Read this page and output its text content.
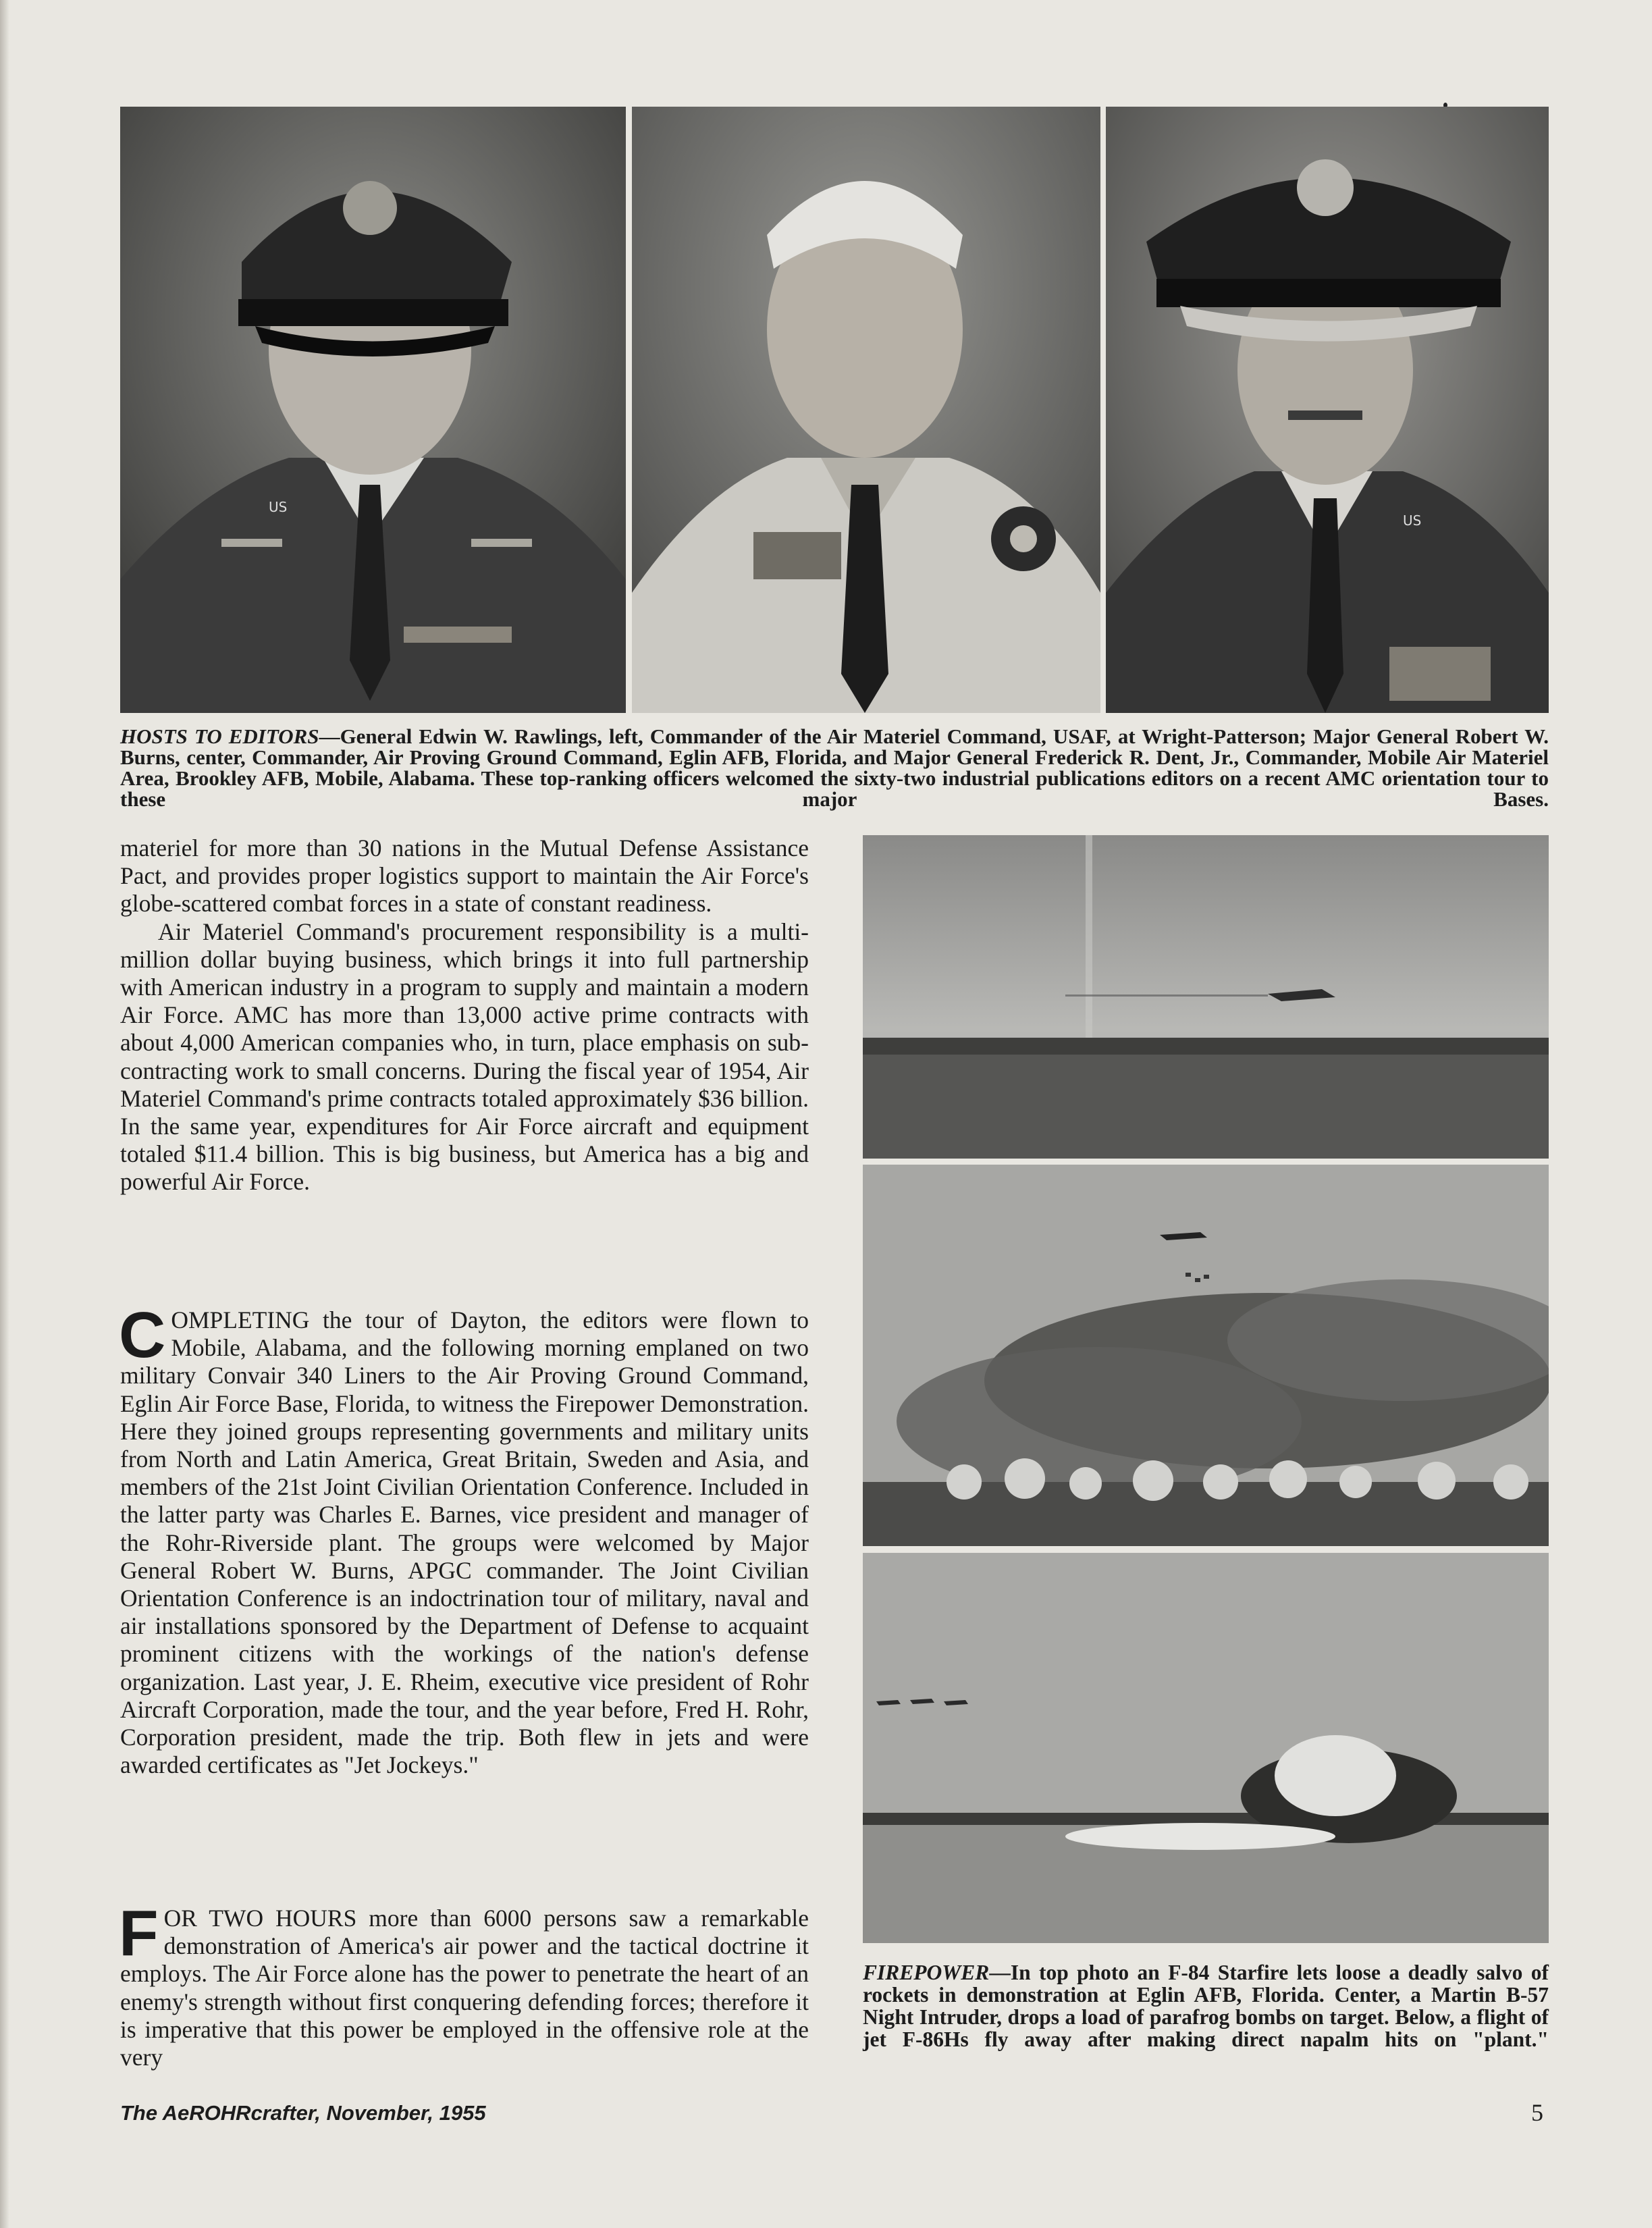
US
US

HOSTS TO EDITORS—General Edwin W. Rawlings, left, Commander of the Air Materiel Command, USAF, at Wright-Patterson; Major General Robert W. Burns, center, Commander, Air Proving Ground Command, Eglin AFB, Florida, and Major General Frederick R. Dent, Jr., Commander, Mobile Air Materiel Area, Brookley AFB, Mobile, Alabama. These top-ranking officers welcomed the sixty-two industrial publications editors on a recent AMC orientation tour to these major Bases.

materiel for more than 30 nations in the Mutual Defense Assistance Pact, and provides proper logistics support to maintain the Air Force's globe-scattered combat forces in a state of constant readiness.

Air Materiel Command's procurement responsibility is a multi-million dollar buying business, which brings it into full partnership with American industry in a program to supply and maintain a modern Air Force. AMC has more than 13,000 active prime contracts with about 4,000 American companies who, in turn, place emphasis on sub-contracting work to small concerns. During the fiscal year of 1954, Air Materiel Command's prime contracts totaled approximately $36 billion. In the same year, expenditures for Air Force aircraft and equipment totaled $11.4 billion. This is big business, but America has a big and powerful Air Force.

COMPLETING the tour of Dayton, the editors were flown to Mobile, Alabama, and the following morning emplaned on two military Convair 340 Liners to the Air Proving Ground Command, Eglin Air Force Base, Florida, to witness the Firepower Demonstration. Here they joined groups representing governments and military units from North and Latin America, Great Britain, Sweden and Asia, and members of the 21st Joint Civilian Orientation Conference. Included in the latter party was Charles E. Barnes, vice president and manager of the Rohr-Riverside plant. The groups were welcomed by Major General Robert W. Burns, APGC commander. The Joint Civilian Orientation Conference is an indoctrination tour of military, naval and air installations sponsored by the Department of Defense to acquaint prominent citizens with the workings of the nation's defense organization. Last year, J. E. Rheim, executive vice president of Rohr Aircraft Corporation, made the tour, and the year before, Fred H. Rohr, Corporation president, made the trip. Both flew in jets and were awarded certificates as "Jet Jockeys."

FOR TWO HOURS more than 6000 persons saw a remarkable demonstration of America's air power and the tactical doctrine it employs. The Air Force alone has the power to penetrate the heart of an enemy's strength without first conquering defending forces; therefore it is imperative that this power be employed in the offensive role at the very

FIREPOWER—In top photo an F-84 Starfire lets loose a deadly salvo of rockets in demonstration at Eglin AFB, Florida. Center, a Martin B-57 Night Intruder, drops a load of parafrog bombs on target. Below, a flight of jet F-86Hs fly away after making direct napalm hits on "plant."

The AeROHRcrafter, November, 1955	5
